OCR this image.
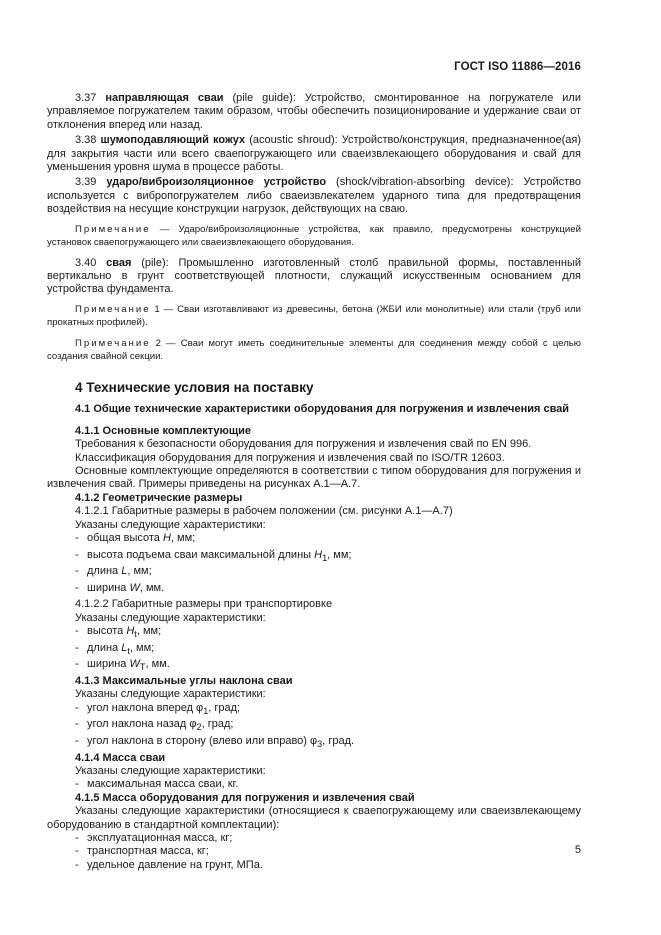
ГОСТ ISO 11886—2016

3.37 направляющая сваи (pile guide): Устройство, смонтированное на погружателе или управляемое погружателем таким образом, чтобы обеспечить позиционирование и удержание сваи от отклонения вперед или назад.

3.38 шумоподавляющий кожух (acoustic shroud): Устройство/конструкция, предназначенное(ая) для закрытия части или всего сваепогружающего или сваеизвлекающего оборудования и свай для уменьшения уровня шума в процессе работы.

3.39 ударо/виброизоляционное устройство (shock/vibration-absorbing device): Устройство используется с вибропогружателем либо сваеизвлекателем ударного типа для предотвращения воздействия на несущие конструкции нагрузок, действующих на сваю.

Примечание — Ударо/виброизоляционные устройства, как правило, предусмотрены конструкцией установок сваепогружающего или сваеизвлекающего оборудования.

3.40 свая (pile): Промышленно изготовленный столб правильной формы, поставленный вертикально в грунт соответствующей плотности, служащий искусственным основанием для устройства фундамента.

Примечание 1 — Сваи изготавливают из древесины, бетона (ЖБИ или монолитные) или стали (труб или прокатных профилей).

Примечание 2 — Сваи могут иметь соединительные элементы для соединения между собой с целью создания свайной секции.

4 Технические условия на поставку
4.1 Общие технические характеристики оборудования для погружения и извлечения свай
4.1.1 Основные комплектующие
Требования к безопасности оборудования для погружения и извлечения свай по EN 996.
Классификация оборудования для погружения и извлечения свай по ISO/TR 12603.

Основные комплектующие определяются в соответствии с типом оборудования для погружения и извлечения свай. Примеры приведены на рисунках А.1—А.7.

4.1.2 Геометрические размеры
4.1.2.1 Габаритные размеры в рабочем положении (см. рисунки А.1—А.7)
Указаны следующие характеристики:
- общая высота H, мм;
- высота подъема сваи максимальной длины $H_1$, мм;
- длина L, мм;
- ширина W, мм.
4.1.2.2 Габаритные размеры при транспортировке
Указаны следующие характеристики:
- высота $H_t$, мм;
- длина $L_t$, мм;
- ширина $W_T$, мм.
4.1.3 Максимальные углы наклона сваи
Указаны следующие характеристики:
- угол наклона вперед $\varphi_1$, град;
- угол наклона назад $\varphi_2$, град;
- угол наклона в сторону (влево или вправо) $\varphi_3$, град.
4.1.4 Масса сваи
Указаны следующие характеристики:
- максимальная масса сваи, кг.
4.1.5 Масса оборудования для погружения и извлечения свай

Указаны следующие характеристики (относящиеся к сваепогружающему или сваеизвлекающему оборудованию в стандартной комплектации):

- эксплуатационная масса, кг;
- транспортная масса, кг;
- удельное давление на грунт, МПа.
5
